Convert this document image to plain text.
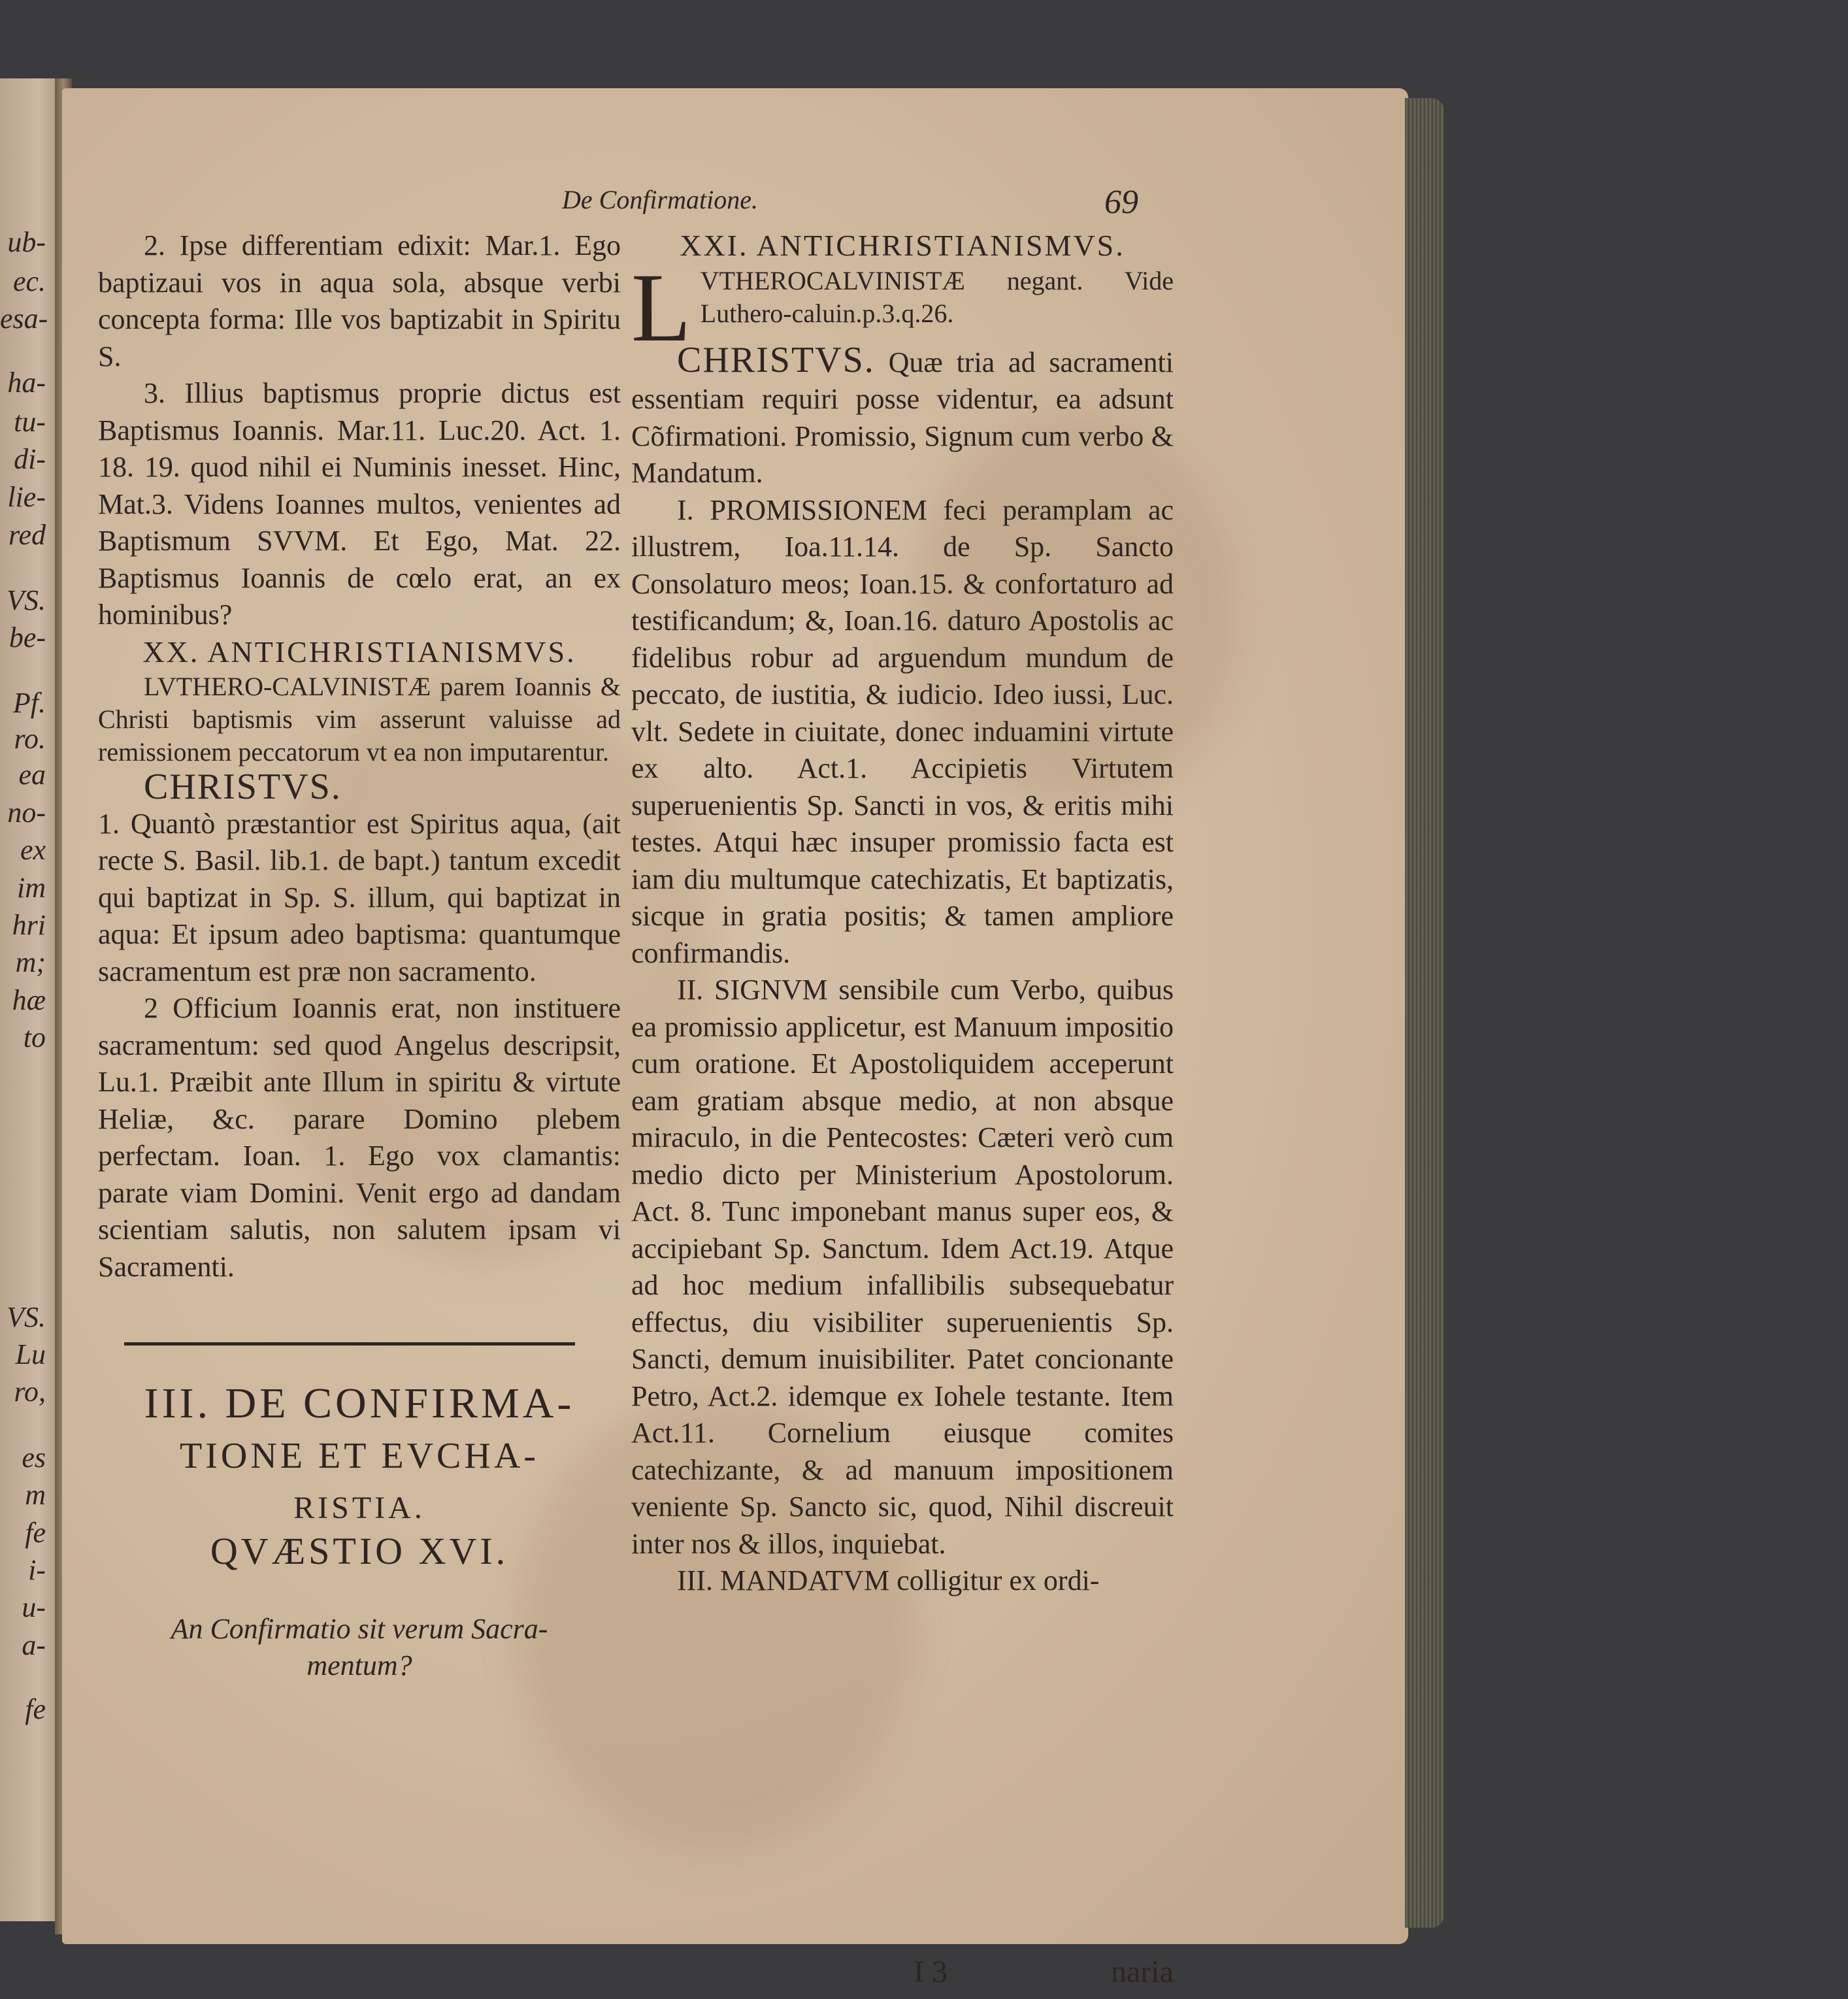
ub-
ec.
esa-
ha-
tu-
di-
lie-
red
VS.
be-
Pf.
ro.
ea
no-
ex
im
hri
m;
hæ
to
VS.
Lu
ro,
es
m
fe
i-
u-
a-
fe
De Confirmatione.	69

2. Ipse differentiam edixit: Mar.1. Ego baptizaui vos in aqua sola, absque verbi concepta forma: Ille vos baptizabit in Spiritu S.

3. Illius baptismus proprie dictus est Baptismus Ioannis. Mar.11. Luc.20. Act. 1. 18. 19. quod nihil ei Numinis inesset. Hinc, Mat.3. Videns Ioannes multos, venientes ad Baptismum SVVM. Et Ego, Mat. 22. Baptismus Ioannis de cœlo erat, an ex hominibus?

XX. ANTICHRISTIANISMVS.

LVTHERO-CALVINISTÆ parem Ioannis & Christi baptismis vim asserunt valuisse ad remissionem peccatorum vt ea non imputarentur.

CHRISTVS.

1. Quantò præstantior est Spiritus aqua, (ait recte S. Basil. lib.1. de bapt.) tantum excedit qui baptizat in Sp. S. illum, qui baptizat in aqua: Et ipsum adeo baptisma: quantumque sacramentum est præ non sacramento.

2 Officium Ioannis erat, non instituere sacramentum: sed quod Angelus descripsit, Lu.1. Præibit ante Illum in spiritu & virtute Heliæ, &c. parare Domino plebem perfectam. Ioan. 1. Ego vox clamantis: parate viam Domini. Venit ergo ad dandam scientiam salutis, non salutem ipsam vi Sacramenti.

III. DE CONFIRMA-
TIONE ET EVCHA-
RISTIA.
QVÆSTIO XVI.
An Confirmatio sit verum Sacra-
mentum?

XXI. ANTICHRISTIANISMVS.

L VTHEROCALVINISTÆ negant. Vide Luthero-caluin.p.3.q.26.

CHRISTVS. Quæ tria ad sacramenti essentiam requiri posse videntur, ea adsunt Cõfirmationi. Promissio, Signum cum verbo & Mandatum.

I. PROMISSIONEM feci peramplam ac illustrem, Ioa.11.14. de Sp. Sancto Consolaturo meos; Ioan.15. & confortaturo ad testificandum; &, Ioan.16. daturo Apostolis ac fidelibus robur ad arguendum mundum de peccato, de iustitia, & iudicio. Ideo iussi, Luc. vlt. Sedete in ciuitate, donec induamini virtute ex alto. Act.1. Accipietis Virtutem superuenientis Sp. Sancti in vos, & eritis mihi testes. Atqui hæc insuper promissio facta est iam diu multumque catechizatis, Et baptizatis, sicque in gratia positis; & tamen ampliore confirmandis.

II. SIGNVM sensibile cum Verbo, quibus ea promissio applicetur, est Manuum impositio cum oratione. Et Apostoliquidem acceperunt eam gratiam absque medio, at non absque miraculo, in die Pentecostes: Cæteri verò cum medio dicto per Ministerium Apostolorum. Act. 8. Tunc imponebant manus super eos, & accipiebant Sp. Sanctum. Idem Act.19. Atque ad hoc medium infallibilis subsequebatur effectus, diu visibiliter superuenientis Sp. Sancti, demum inuisibiliter. Patet concionante Petro, Act.2. idemque ex Iohele testante. Item Act.11. Cornelium eiusque comites catechizante, & ad manuum impositionem veniente Sp. Sancto sic, quod, Nihil discreuit inter nos & illos, inquiebat.

III. MANDATVM colligitur ex ordi-

I 3	naria
